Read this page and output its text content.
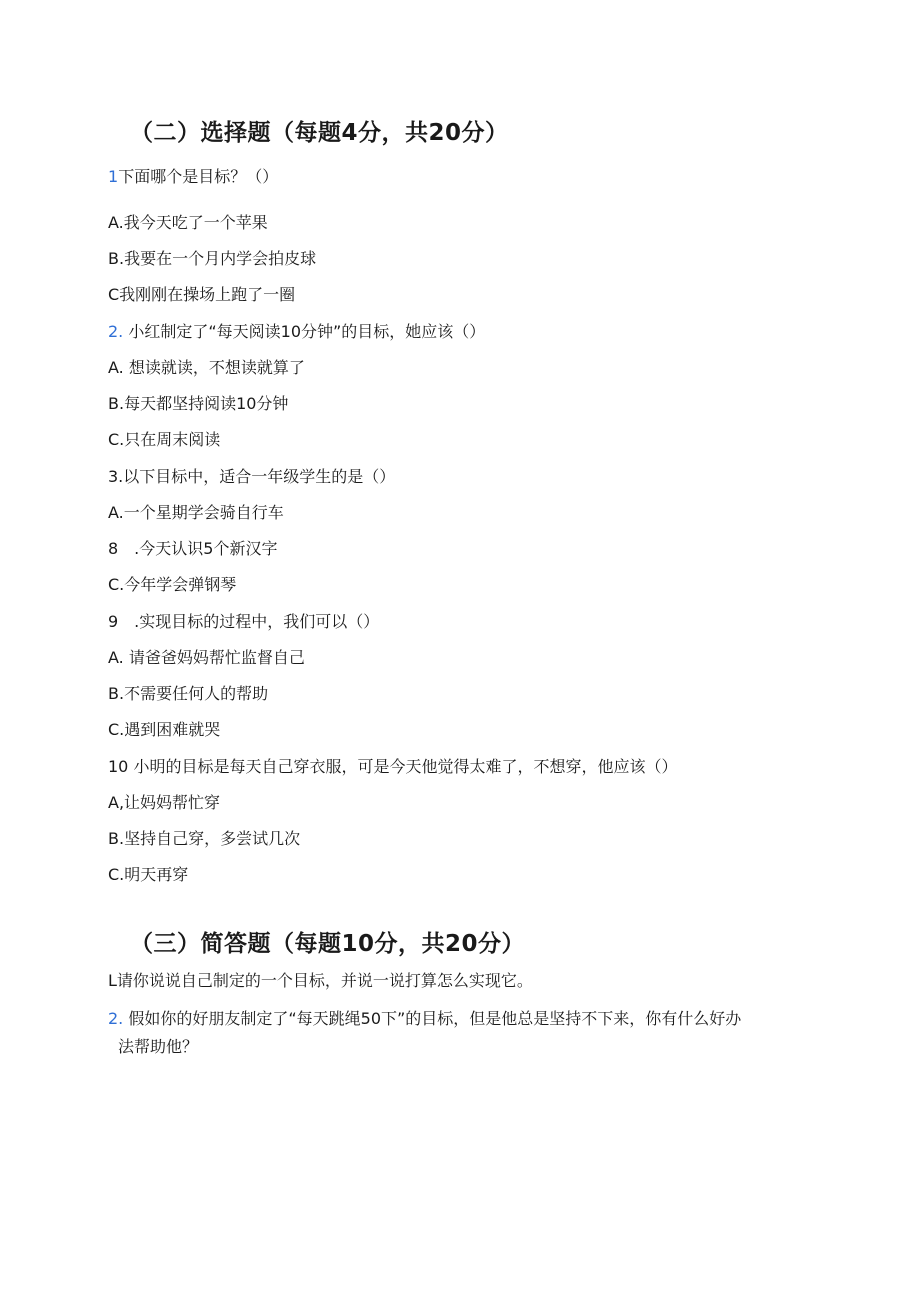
（二）选择题（每题4分，共20分）
1下面哪个是目标？（）
A.我今天吃了一个苹果
B.我要在一个月内学会拍皮球
C我刚刚在操场上跑了一圈
2. 小红制定了“每天阅读10分钟”的目标，她应该（）
A. 想读就读，不想读就算了
B.每天都坚持阅读10分钟
C.只在周末阅读
3.以下目标中，适合一年级学生的是（）
A.一个星期学会骑自行车
8　.今天认识5个新汉字
C.今年学会弹钢琴
9　.实现目标的过程中，我们可以（）
A. 请爸爸妈妈帮忙监督自己
B.不需要任何人的帮助
C.遇到困难就哭
10 小明的目标是每天自己穿衣服，可是今天他觉得太难了，不想穿，他应该（）
A,让妈妈帮忙穿
B.坚持自己穿，多尝试几次
C.明天再穿
（三）简答题（每题10分，共20分）
L请你说说自己制定的一个目标，并说一说打算怎么实现它。
2. 假如你的好朋友制定了“每天跳绳50下”的目标，但是他总是坚持不下来，你有什么好办
法帮助他？
